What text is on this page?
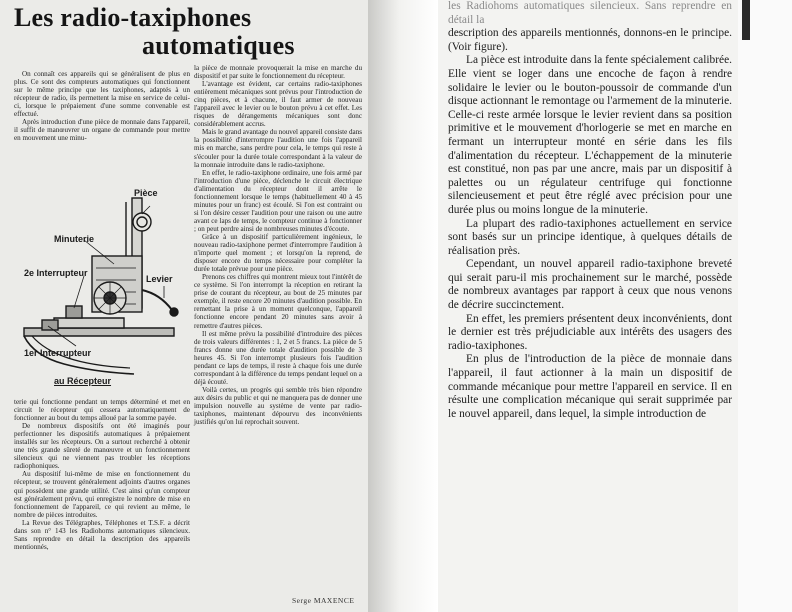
Les radio-taxiphones
automatiques

On connaît ces appareils qui se généralisent de plus en plus. Ce sont des compteurs automatiques qui fonctionnent sur le même principe que les taxiphones, adaptés à un récepteur de radio, ils permettent la mise en service de celui-ci, lorsque le prépaiement d'une somme convenable est effectué.

Après introduction d'une pièce de monnaie dans l'appareil, il suffit de manœuvrer un organe de commande pour mettre en mouvement une minu-

Pièce
Minuterie
2e Interrupteur
Levier
1er Interrupteur
au Récepteur

terie qui fonctionne pendant un temps déterminé et met en circuit le récepteur qui cessera automatiquement de fonctionner au bout du temps alloué par la somme payée.

De nombreux dispositifs ont été imaginés pour perfectionner les dispositifs automatiques à prépaiement installés sur les récepteurs. On a surtout recherché à obtenir une très grande sûreté de manœuvre et un fonctionnement silencieux qui ne viennent pas troubler les réceptions radiophoniques.

Au dispositif lui-même de mise en fonctionnement du récepteur, se trouvent généralement adjoints d'autres organes qui possèdent une grande utilité. C'est ainsi qu'un compteur est généralement prévu, qui enregistre le nombre de mise en fonctionnement de l'appareil, ce qui revient au même, le nombre de pièces introduites.

La Revue des Télégraphes, Téléphones et T.S.F. a décrit dans son n° 143 les Radiohoms automatiques silencieux. Sans reprendre en détail la description des appareils mentionnés,

la pièce de monnaie provoquerait la mise en marche du dispositif et par suite le fonctionnement du récepteur.

L'avantage est évident, car certains radio-taxiphones entièrement mécaniques sont prévus pour l'introduction de cinq pièces, et à chacune, il faut armer de nouveau l'appareil avec le levier ou le bouton prévu à cet effet. Les risques de dérangements mécaniques sont donc considérablement accrus.

Mais le grand avantage du nouvel appareil consiste dans la possibilité d'interrompre l'audition une fois l'appareil mis en marche, sans perdre pour cela, le temps qui reste à s'écouler pour la durée totale correspondant à la valeur de la monnaie introduite dans le radio-taxiphone.

En effet, le radio-taxiphone ordinaire, une fois armé par l'introduction d'une pièce, déclenche le circuit électrique d'alimentation du récepteur dont il arrête le fonctionnement lorsque le temps (habituellement 40 à 45 minutes pour un franc) est écoulé. Si l'on est contraint ou si l'on désire cesser l'audition pour une raison ou une autre avant ce laps de temps, le compteur continue à fonctionner ; on peut perdre ainsi de nombreuses minutes d'écoute.

Grâce à un dispositif particulièrement ingénieux, le nouveau radio-taxiphone permet d'interrompre l'audition à n'importe quel moment ; et lorsqu'on la reprend, de disposer encore du temps nécessaire pour compléter la durée totale prévue pour une pièce.

Prenons ces chiffres qui montrent mieux tout l'intérêt de ce système. Si l'on interrompt la réception en retirant la prise de courant du récepteur, au bout de 25 minutes par exemple, il reste encore 20 minutes d'audition possible. En remettant la prise à un moment quelconque, l'appareil fonctionne encore pendant 20 minutes sans avoir à remettre d'autres pièces.

Il est même prévu la possibilité d'introduire des pièces de trois valeurs différentes : 1, 2 et 5 francs. La pièce de 5 francs donne une durée totale d'audition possible de 3 heures 45. Si l'on interrompt plusieurs fois l'audition pendant ce laps de temps, il reste à chaque fois une durée correspondant à la différence du temps pendant lequel on a déjà écouté.

Voilà certes, un progrès qui semble très bien répondre aux désirs du public et qui ne manquera pas de donner une impulsion nouvelle au système de vente par radio-taxiphones, maintenant dépourvu des inconvénients justifiés qu'on lui reprochait souvent.

Serge MAXENCE

les Radiohoms automatiques silencieux. Sans reprendre en détail la

description des appareils mentionnés, donnons-en le principe. (Voir figure).

La pièce est introduite dans la fente spécialement calibrée. Elle vient se loger dans une encoche de façon à rendre solidaire le levier ou le bouton-poussoir de commande d'un disque actionnant le remontage ou l'armement de la minuterie. Celle-ci reste armée lorsque le levier revient dans sa position primitive et le mouvement d'horlogerie se met en marche en fermant un interrupteur monté en série dans les fils d'alimentation du récepteur. L'échappement de la minuterie est constitué, non pas par une ancre, mais par un dispositif à palettes ou un régulateur centrifuge qui fonctionne silencieusement et peut être réglé avec précision pour une durée plus ou moins longue de la minuterie.

La plupart des radio-taxiphones actuellement en service sont basés sur un principe identique, à quelques détails de réalisation près.

Cependant, un nouvel appareil radio-taxiphone breveté qui serait paru-il mis prochainement sur le marché, possède de nombreux avantages par rapport à ceux que nous venons de décrire succinctement.

En effet, les premiers présentent deux inconvénients, dont le dernier est très préjudiciable aux intérêts des usagers des radio-taxiphones.

En plus de l'introduction de la pièce de monnaie dans l'appareil, il faut actionner à la main un dispositif de commande mécanique pour mettre l'appareil en service. Il en résulte une complication mécanique qui serait supprimée par le nouvel appareil, dans lequel, la simple introduction de
